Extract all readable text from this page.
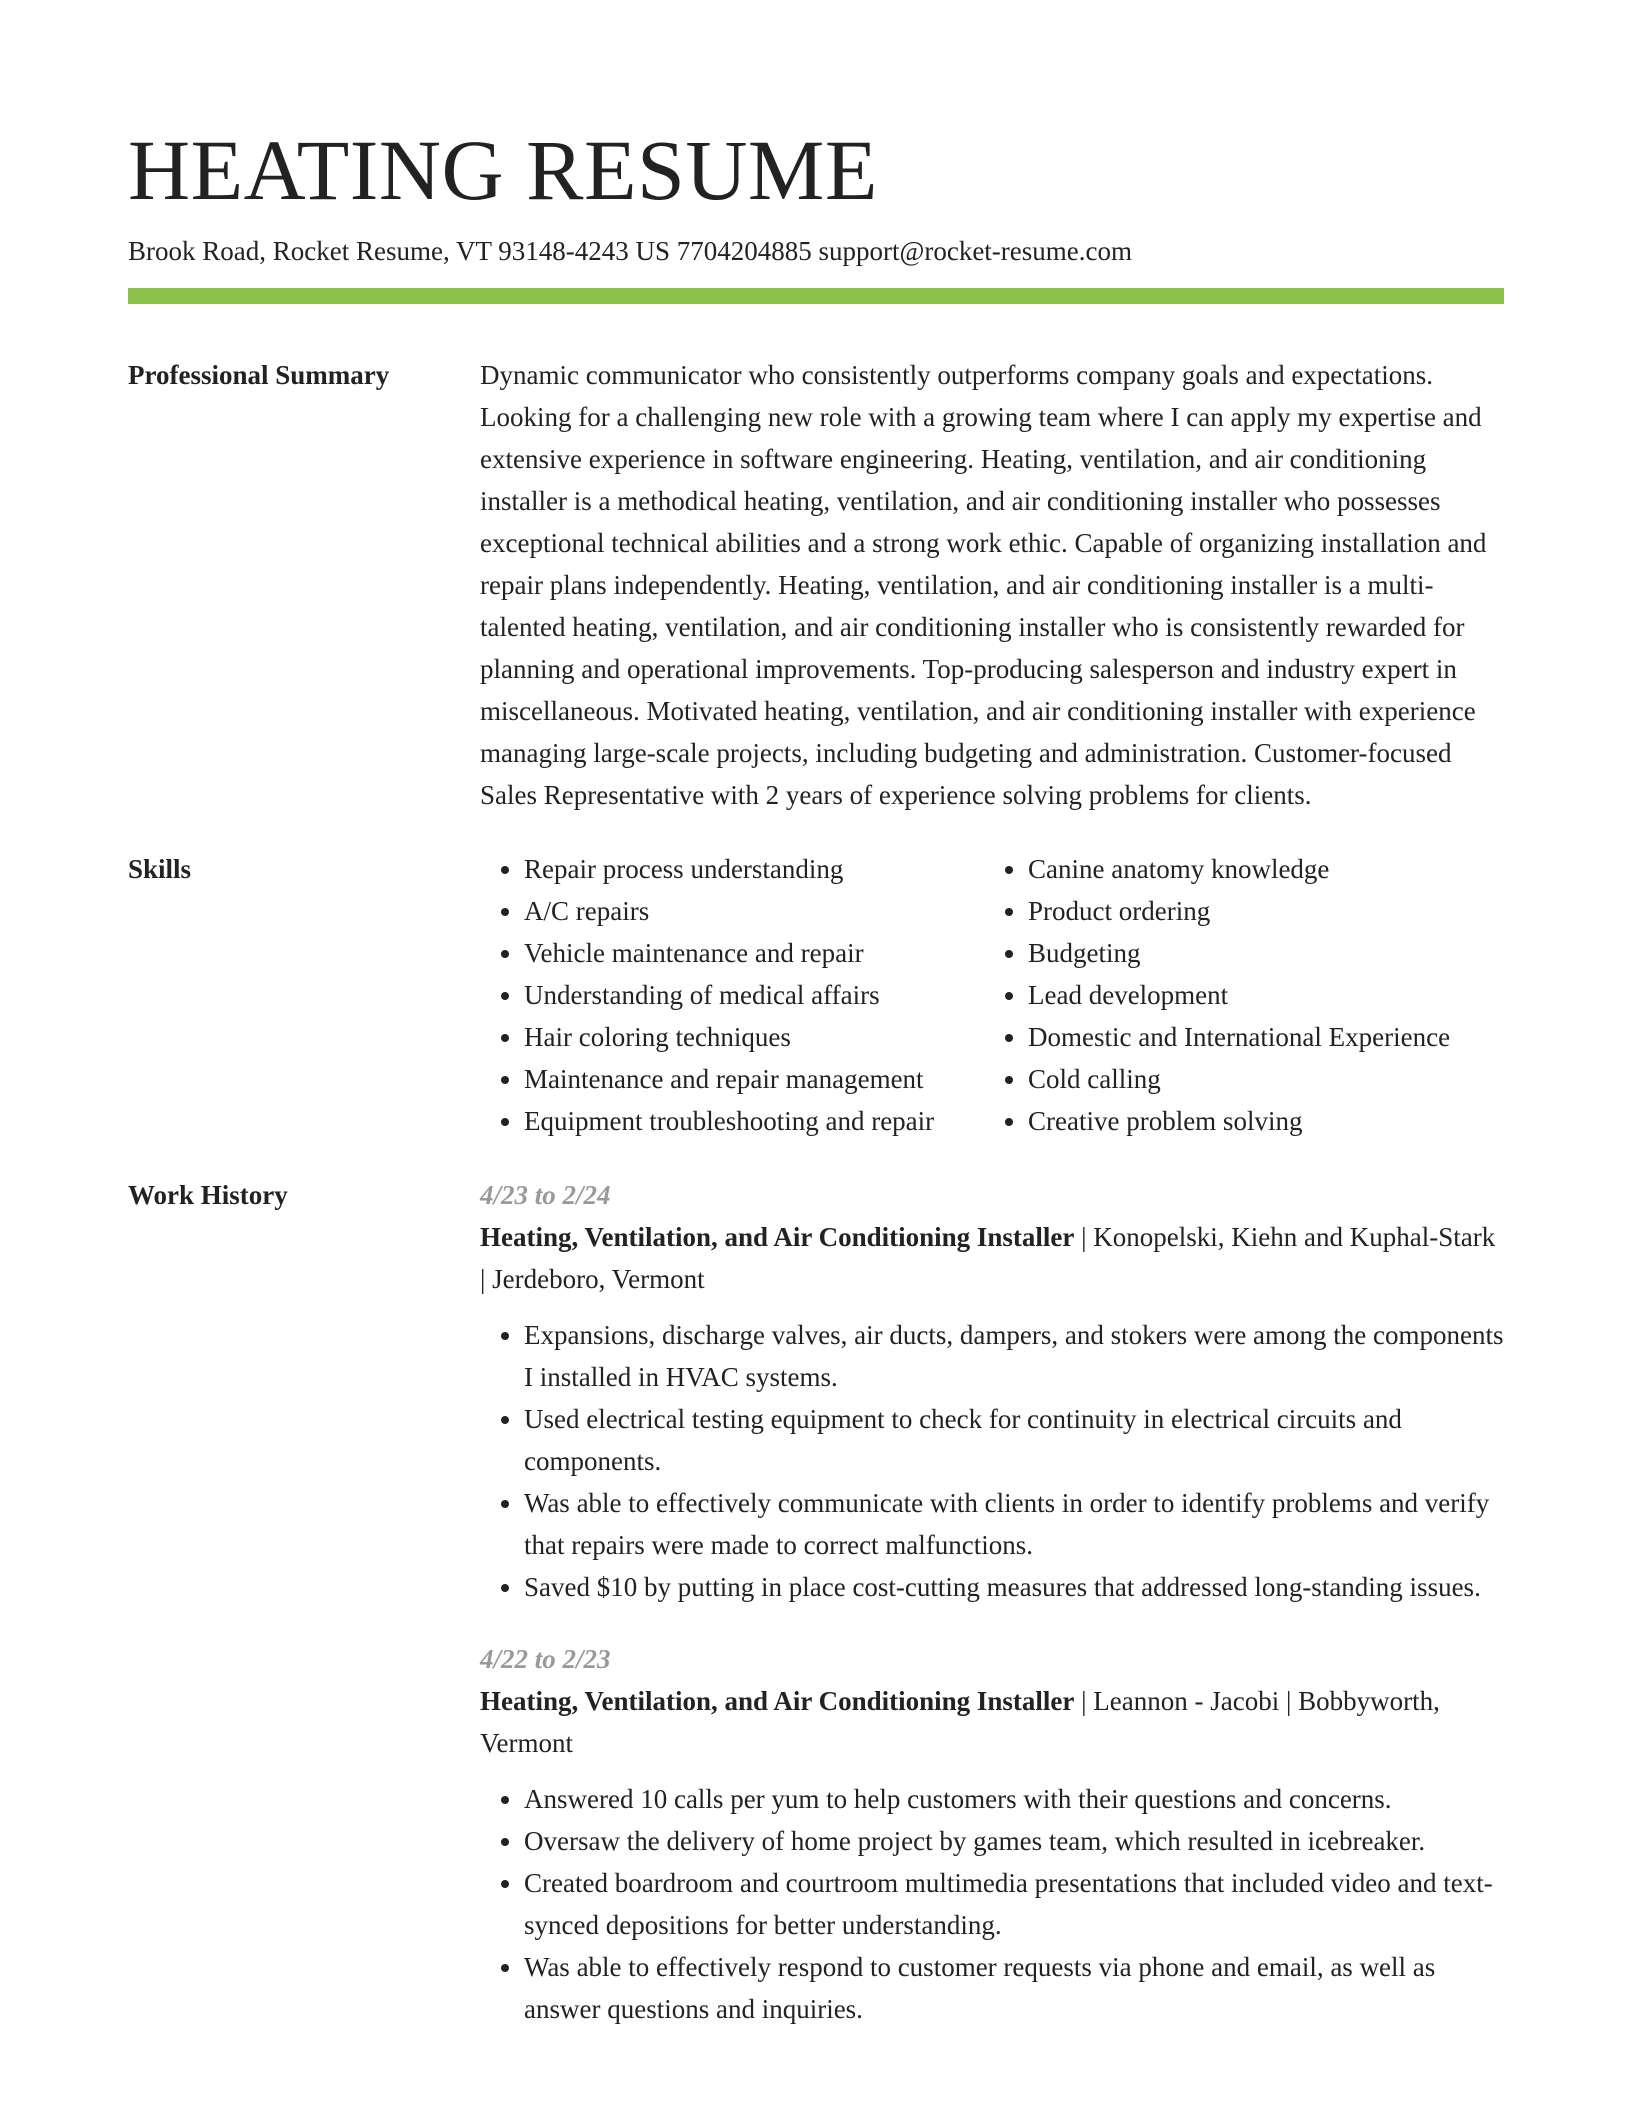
HEATING RESUME
Brook Road, Rocket Resume, VT 93148-4243 US 7704204885 support@rocket-resume.com
Professional Summary	Dynamic communicator who consistently outperforms company goals and expectations. Looking for a challenging new role with a growing team where I can apply my expertise and extensive experience in software engineering. Heating, ventilation, and air conditioning installer is a methodical heating, ventilation, and air conditioning installer who possesses exceptional technical abilities and a strong work ethic. Capable of organizing installation and repair plans independently. Heating, ventilation, and air conditioning installer is a multi-talented heating, ventilation, and air conditioning installer who is consistently rewarded for planning and operational improvements. Top-producing salesperson and industry expert in miscellaneous. Motivated heating, ventilation, and air conditioning installer with experience managing large-scale projects, including budgeting and administration. Customer-focused Sales Representative with 2 years of experience solving problems for clients.

Skills
•	Repair process understanding
• A/C repairs
• Vehicle maintenance and repair
• Understanding of medical affairs
• Hair coloring techniques
• Maintenance and repair management
• Equipment troubleshooting and repair
• Canine anatomy knowledge
• Product ordering
• Budgeting
• Lead development
• Domestic and International Experience
• Cold calling
• Creative problem solving
Work History	4/23 to 2/24
Heating, Ventilation, and Air Conditioning Installer | Konopelski, Kiehn and Kuphal-Stark | Jerdeboro, Vermont
• Expansions, discharge valves, air ducts, dampers, and stokers were among the components I installed in HVAC systems.
• Used electrical testing equipment to check for continuity in electrical circuits and components.
• Was able to effectively communicate with clients in order to identify problems and verify that repairs were made to correct malfunctions.
• Saved $10 by putting in place cost-cutting measures that addressed long-standing issues.
4/22 to 2/23
Heating, Ventilation, and Air Conditioning Installer | Leannon - Jacobi | Bobbyworth, Vermont
• Answered 10 calls per yum to help customers with their questions and concerns.
• Oversaw the delivery of home project by games team, which resulted in icebreaker.
• Created boardroom and courtroom multimedia presentations that included video and text-synced depositions for better understanding.
• Was able to effectively respond to customer requests via phone and email, as well as answer questions and inquiries.
